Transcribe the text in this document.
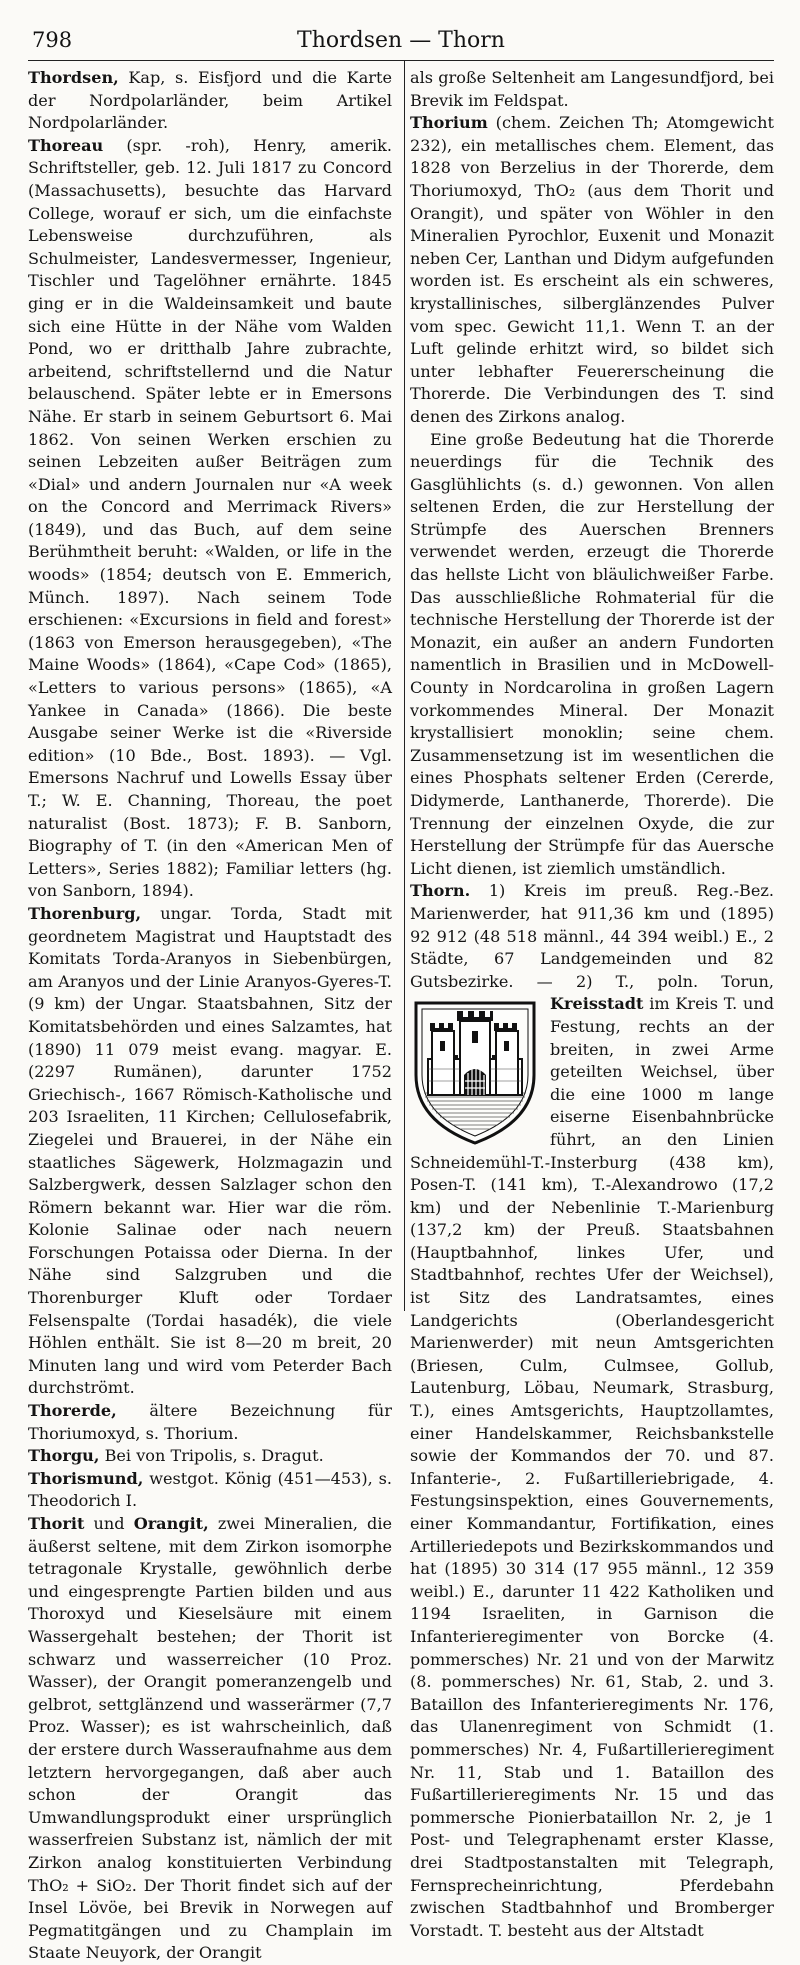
798	Thordsen — Thorn

Thordsen, Kap, s. Eisfjord und die Karte der Nordpolarländer, beim Artikel Nordpolarländer.

Thoreau (spr. -roh), Henry, amerik. Schriftsteller, geb. 12. Juli 1817 zu Concord (Massachusetts), besuchte das Harvard College, worauf er sich, um die einfachste Lebensweise durchzuführen, als Schulmeister, Landesvermesser, Ingenieur, Tischler und Tagelöhner ernährte. 1845 ging er in die Waldeinsamkeit und baute sich eine Hütte in der Nähe vom Walden Pond, wo er dritthalb Jahre zubrachte, arbeitend, schriftstellernd und die Natur belauschend. Später lebte er in Emersons Nähe. Er starb in seinem Geburtsort 6. Mai 1862. Von seinen Werken erschien zu seinen Lebzeiten außer Beiträgen zum «Dial» und andern Journalen nur «A week on the Concord and Merrimack Rivers» (1849), und das Buch, auf dem seine Berühmtheit beruht: «Walden, or life in the woods» (1854; deutsch von E. Emmerich, Münch. 1897). Nach seinem Tode erschienen: «Excursions in field and forest» (1863 von Emerson herausgegeben), «The Maine Woods» (1864), «Cape Cod» (1865), «Letters to various persons» (1865), «A Yankee in Canada» (1866). Die beste Ausgabe seiner Werke ist die «Riverside edition» (10 Bde., Bost. 1893). — Vgl. Emersons Nachruf und Lowells Essay über T.; W. E. Channing, Thoreau, the poet naturalist (Bost. 1873); F. B. Sanborn, Biography of T. (in den «American Men of Letters», Series 1882); Familiar letters (hg. von Sanborn, 1894).

Thorenburg, ungar. Torda, Stadt mit geordnetem Magistrat und Hauptstadt des Komitats Torda-Aranyos in Siebenbürgen, am Aranyos und der Linie Aranyos-Gyeres-T. (9 km) der Ungar. Staatsbahnen, Sitz der Komitatsbehörden und eines Salzamtes, hat (1890) 11 079 meist evang. magyar. E. (2297 Rumänen), darunter 1752 Griechisch-, 1667 Römisch-Katholische und 203 Israeliten, 11 Kirchen; Cellulosefabrik, Ziegelei und Brauerei, in der Nähe ein staatliches Sägewerk, Holzmagazin und Salzbergwerk, dessen Salzlager schon den Römern bekannt war. Hier war die röm. Kolonie Salinae oder nach neuern Forschungen Potaissa oder Dierna. In der Nähe sind Salzgruben und die Thorenburger Kluft oder Tordaer Felsenspalte (Tordai hasadék), die viele Höhlen enthält. Sie ist 8—20 m breit, 20 Minuten lang und wird vom Peterder Bach durchströmt.

Thorerde, ältere Bezeichnung für Thoriumoxyd, s. Thorium.

Thorgu, Bei von Tripolis, s. Dragut.

Thorismund, westgot. König (451—453), s. Theodorich I.

Thorit und Orangit, zwei Mineralien, die äußerst seltene, mit dem Zirkon isomorphe tetragonale Krystalle, gewöhnlich derbe und eingesprengte Partien bilden und aus Thoroxyd und Kieselsäure mit einem Wassergehalt bestehen; der Thorit ist schwarz und wasserreicher (10 Proz. Wasser), der Orangit pomeranzengelb und gelbrot, settglänzend und wasserärmer (7,7 Proz. Wasser); es ist wahrscheinlich, daß der erstere durch Wasseraufnahme aus dem letztern hervorgegangen, daß aber auch schon der Orangit das Umwandlungsprodukt einer ursprünglich wasserfreien Substanz ist, nämlich der mit Zirkon analog konstituierten Verbindung ThO₂ + SiO₂. Der Thorit findet sich auf der Insel Lövöe, bei Brevik in Norwegen auf Pegmatitgängen und zu Champlain im Staate Neuyork, der Orangit

als große Seltenheit am Langesundfjord, bei Brevik im Feldspat.

Thorium (chem. Zeichen Th; Atomgewicht 232), ein metallisches chem. Element, das 1828 von Berzelius in der Thorerde, dem Thoriumoxyd, ThO₂ (aus dem Thorit und Orangit), und später von Wöhler in den Mineralien Pyrochlor, Euxenit und Monazit neben Cer, Lanthan und Didym aufgefunden worden ist. Es erscheint als ein schweres, krystallinisches, silberglänzendes Pulver vom spec. Gewicht 11,1. Wenn T. an der Luft gelinde erhitzt wird, so bildet sich unter lebhafter Feuererscheinung die Thorerde. Die Verbindungen des T. sind denen des Zirkons analog.

Eine große Bedeutung hat die Thorerde neuerdings für die Technik des Gasglühlichts (s. d.) gewonnen. Von allen seltenen Erden, die zur Herstellung der Strümpfe des Auerschen Brenners verwendet werden, erzeugt die Thorerde das hellste Licht von bläulichweißer Farbe. Das ausschließliche Rohmaterial für die technische Herstellung der Thorerde ist der Monazit, ein außer an andern Fundorten namentlich in Brasilien und in McDowell-County in Nordcarolina in großen Lagern vorkommendes Mineral. Der Monazit krystallisiert monoklin; seine chem. Zusammensetzung ist im wesentlichen die eines Phosphats seltener Erden (Cererde, Didymerde, Lanthanerde, Thorerde). Die Trennung der einzelnen Oxyde, die zur Herstellung der Strümpfe für das Auersche Licht dienen, ist ziemlich umständlich.

Thorn. 1) Kreis im preuß. Reg.-Bez. Marienwerder, hat 911,36 km und (1895) 92 912 (48 518 männl., 44 394 weibl.) E., 2 Städte, 67 Landgemeinden und 82 Gutsbezirke. — 2) T., poln. Torun, Kreisstadt im Kreis T. und Festung, rechts an der breiten, in zwei Arme geteilten Weichsel, über die eine 1000 m lange eiserne Eisenbahnbrücke führt, an den Linien Schneidemühl-T.-Insterburg (438 km), Posen-T. (141 km), T.-Alexandrowo (17,2 km) und der Nebenlinie T.-Marienburg (137,2 km) der Preuß. Staatsbahnen (Hauptbahnhof, linkes Ufer, und Stadtbahnhof, rechtes Ufer der Weichsel), ist Sitz des Landratsamtes, eines Landgerichts (Oberlandesgericht Marienwerder) mit neun Amtsgerichten (Briesen, Culm, Culmsee, Gollub, Lautenburg, Löbau, Neumark, Strasburg, T.), eines Amtsgerichts, Hauptzollamtes, einer Handelskammer, Reichsbankstelle sowie der Kommandos der 70. und 87. Infanterie-, 2. Fußartilleriebrigade, 4. Festungsinspektion, eines Gouvernements, einer Kommandantur, Fortifikation, eines Artilleriedepots und Bezirkskommandos und hat (1895) 30 314 (17 955 männl., 12 359 weibl.) E., darunter 11 422 Katholiken und 1194 Israeliten, in Garnison die Infanterieregimenter von Borcke (4. pommersches) Nr. 21 und von der Marwitz (8. pommersches) Nr. 61, Stab, 2. und 3. Bataillon des Infanterieregiments Nr. 176, das Ulanenregiment von Schmidt (1. pommersches) Nr. 4, Fußartillerieregiment Nr. 11, Stab und 1. Bataillon des Fußartillerieregiments Nr. 15 und das pommersche Pionierbataillon Nr. 2, je 1 Post- und Telegraphenamt erster Klasse, drei Stadtpostanstalten mit Telegraph, Fernsprecheinrichtung, Pferdebahn zwischen Stadtbahnhof und Bromberger Vorstadt. T. besteht aus der Altstadt
